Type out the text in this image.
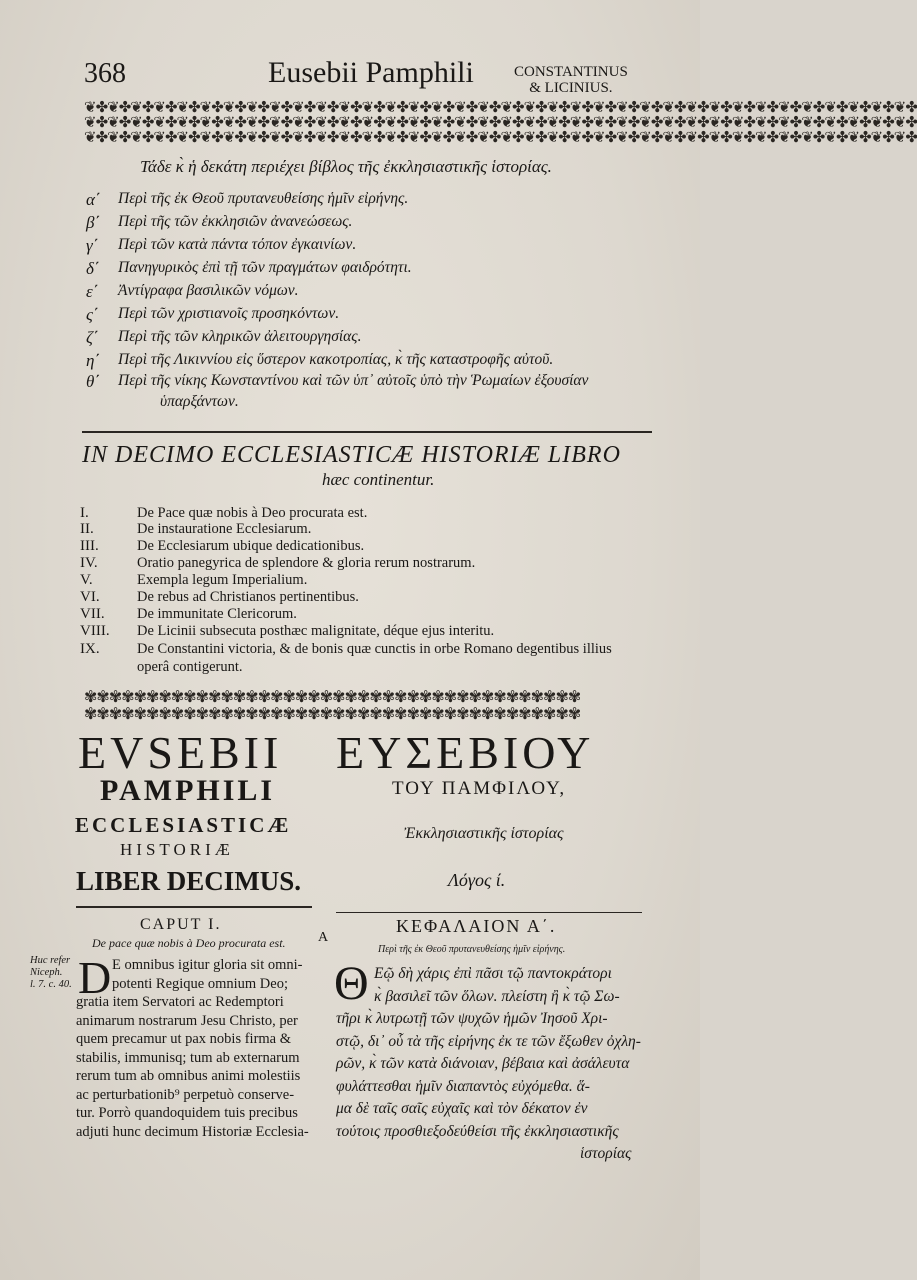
368	Eusebii Pamphili	CONSTANTINUS
& LICINIUS.
❦✤❦✤❦✤❦✤❦✤❦✤❦✤❦✤❦✤❦✤❦✤❦✤❦✤❦✤❦✤❦✤❦✤❦✤❦✤❦✤❦✤❦✤❦✤❦✤❦✤❦✤❦✤❦✤❦✤❦✤❦✤❦✤❦✤❦✤❦✤❦✤
❦✤❦✤❦✤❦✤❦✤❦✤❦✤❦✤❦✤❦✤❦✤❦✤❦✤❦✤❦✤❦✤❦✤❦✤❦✤❦✤❦✤❦✤❦✤❦✤❦✤❦✤❦✤❦✤❦✤❦✤❦✤❦✤❦✤❦✤❦✤❦✤
❦✤❦✤❦✤❦✤❦✤❦✤❦✤❦✤❦✤❦✤❦✤❦✤❦✤❦✤❦✤❦✤❦✤❦✤❦✤❦✤❦✤❦✤❦✤❦✤❦✤❦✤❦✤❦✤❦✤❦✤❦✤❦✤❦✤❦✤❦✤❦✤
Τάδε κ̀ ἡ δεκάτη περιέχει βίβλος τῆς ἐκκλησιαστικῆς ἱστορίας.
α΄ Περὶ τῆς ἐκ Θεοῦ πρυτανευθείσης ἡμῖν εἰρήνης.
β΄ Περὶ τῆς τῶν ἐκκλησιῶν ἀνανεώσεως.
γ΄ Περὶ τῶν κατὰ πάντα τόπον ἐγκαινίων.
δ΄ Πανηγυρικὸς ἐπὶ τῇ τῶν πραγμάτων φαιδρότητι.
ε΄ Ἀντίγραφα βασιλικῶν νόμων.
ς΄ Περὶ τῶν χριστιανοῖς προσηκόντων.
ζ΄ Περὶ τῆς τῶν κληρικῶν ἀλειτουργησίας.
η΄ Περὶ τῆς Λικιννίου εἰς ὕστερον κακοτροπίας, κ̀ τῆς καταστροφῆς αὐτοῦ.
θ΄ Περὶ τῆς νίκης Κωνσταντίνου καὶ τῶν ὑπ᾽ αὐτοῖς ὑπὸ τὴν Ῥωμαίων ἐξουσίαν
ὑπαρξάντων.
IN DECIMO ECCLESIASTICÆ HISTORIÆ LIBRO
hæc continentur.
I.	De Pace quæ nobis à Deo procurata est.
II.	De instauratione Ecclesiarum.
III.	De Ecclesiarum ubique dedicationibus.
IV.	Oratio panegyrica de splendore & gloria rerum nostrarum.
V.	Exempla legum Imperialium.
VI.	De rebus ad Christianos pertinentibus.
VII. De immunitate Clericorum.
VIII. De Licinii subsecuta posthæc malignitate, déque ejus interitu.
IX.	De Constantini victoria, & de bonis quæ cunctis in orbe Romano degentibus illius
operâ contigerunt.
✾✾✾✾✾✾✾✾✾✾✾✾✾✾✾✾✾✾✾✾✾✾✾✾✾✾✾✾✾✾✾✾✾✾✾✾✾✾✾✾
✾✾✾✾✾✾✾✾✾✾✾✾✾✾✾✾✾✾✾✾✾✾✾✾✾✾✾✾✾✾✾✾✾✾✾✾✾✾✾✾
EVSEBII ΕΥΣΕΒΙΟΥ
PAMPHILI	ΤΟΥ ΠΑΜΦΙΛΟΥ,
ECCLESIASTICÆ	Ἐκκλησιαστικῆς ἱστορίας
HISTORIÆ
LIBER DECIMUS.	Λόγος ί.
CAPUT I.
De pace quæ nobis à Deo procurata est.
Huc refer
Niceph.
l. 7. c. 40. D E omnibus igitur gloria sit omni-
potenti Regique omnium Deo;
gratia item Servatori ac Redemptori
animarum nostrarum Jesu Christo, per
quem precamur ut pax nobis firma &
stabilis, immunisq; tum ab externarum
rerum tum ab omnibus animi molestiis
ac perturbationib⁹ perpetuò conserve-
tur. Porrò quandoquidem tuis precibus
adjuti hunc decimum Historiæ Ecclesia-
A
ΚΕΦΑΛΑΙΟΝ Α΄.
Περὶ τῆς ἐκ Θεοῦ πρυτανευθείσης ἡμῖν εἰρήνης.
Θ Εῷ δὴ χάρις ἐπὶ πᾶσι τῷ παντοκράτορι
κ̀ βασιλεῖ τῶν ὅλων. πλείστη ἢ κ̀ τῷ Σω-
τῆρι κ̀ λυτρωτῇ τῶν ψυχῶν ἡμῶν Ἰησοῦ Χρι-
στῷ, δι᾽ οὗ τὰ τῆς εἰρήνης ἐκ τε τῶν ἔξωθεν ὀχλη-
ρῶν, κ̀ τῶν κατὰ διάνοιαν, βέβαια καὶ ἀσάλευτα
φυλάττεσθαι ἡμῖν διαπαντὸς εὐχόμεθα. ἅ-
μα δὲ ταῖς σαῖς εὐχαῖς καὶ τὸν δέκατον ἐν
τούτοις προσθιεξοδεύθείσι τῆς ἐκκλησιαστικῆς
ἱστορίας
